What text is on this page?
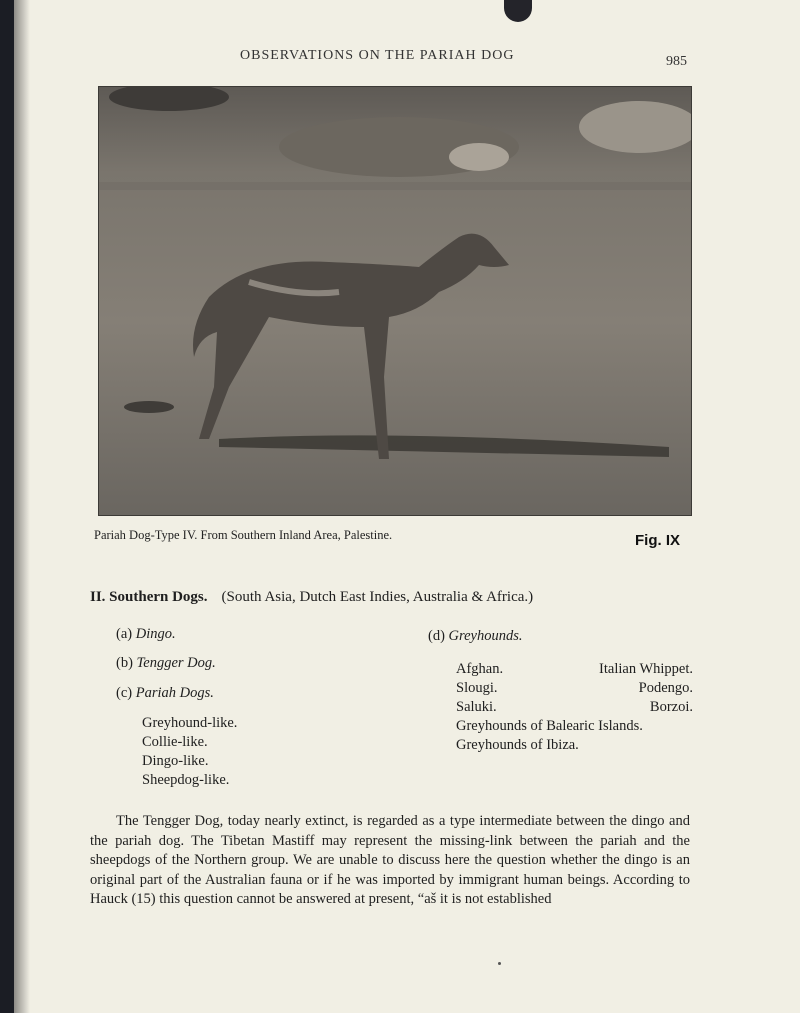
OBSERVATIONS ON THE PARIAH DOG	985
Pariah Dog-Type IV. From Southern Inland Area, Palestine.	Fig. IX
II. Southern Dogs. (South Asia, Dutch East Indies, Australia & Africa.)
(a) Dingo.
(b) Tengger Dog.
(c) Pariah Dogs.
Greyhound-like.
Collie-like.
Dingo-like.
Sheepdog-like.
(d) Greyhounds.
Afghan.	Italian Whippet.
Slougi.	Podengo.
Saluki.	Borzoi.
Greyhounds of Balearic Islands.
Greyhounds of Ibiza.

The Tengger Dog, today nearly extinct, is regarded as a type intermediate between the dingo and the pariah dog. The Tibetan Mastiff may represent the missing-link between the pariah and the sheepdogs of the Northern group. We are unable to discuss here the question whether the dingo is an original part of the Australian fauna or if he was imported by immigrant human beings. According to Hauck (15) this question cannot be answered at present, “aš it is not established
